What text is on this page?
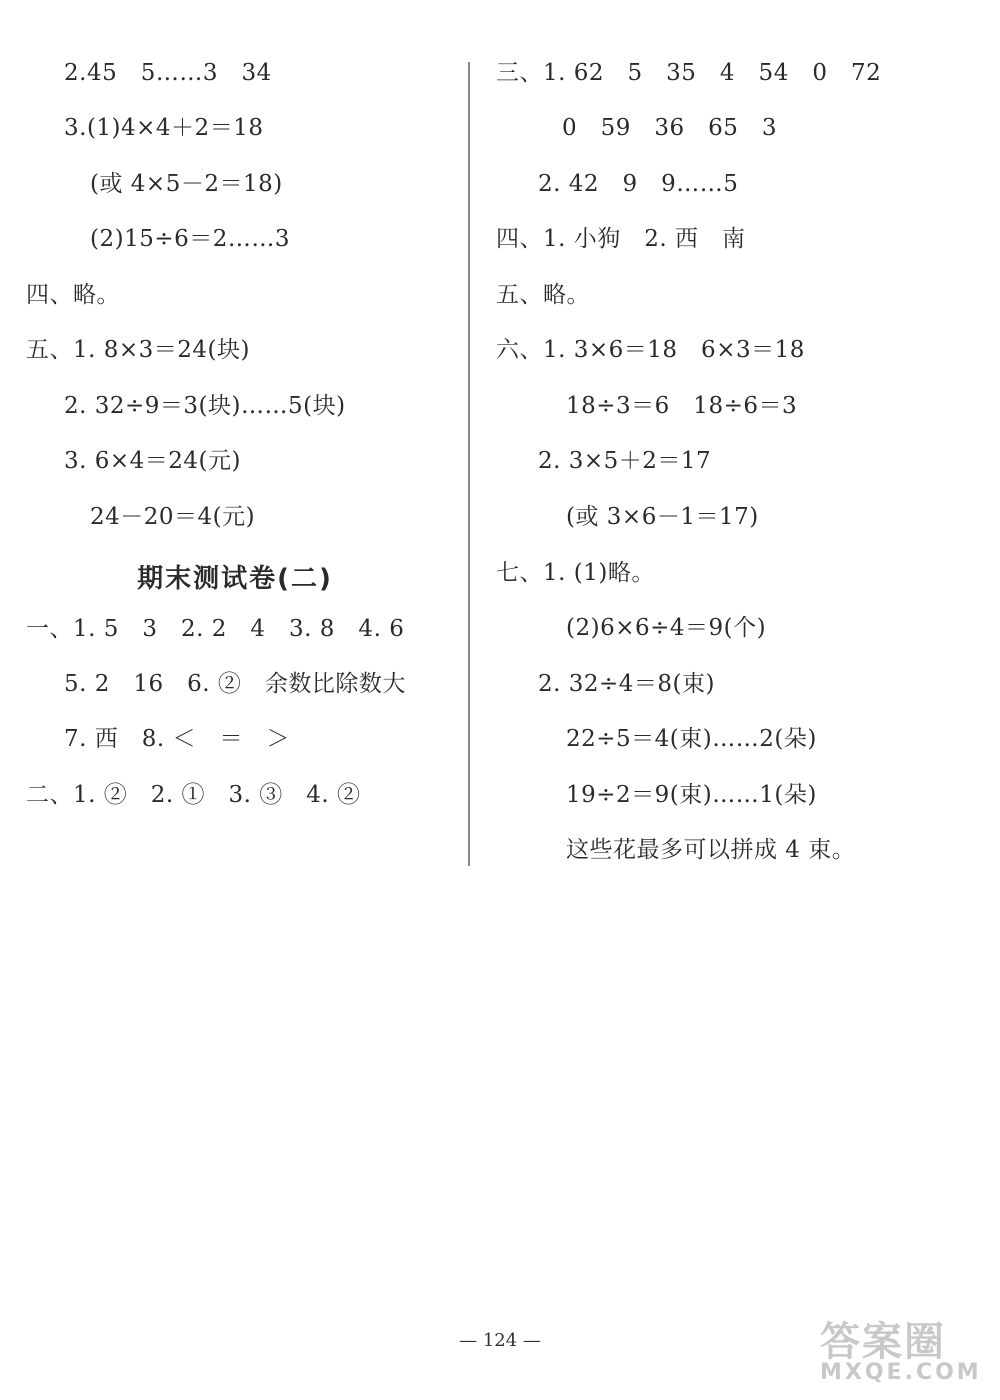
2.45　5……3　34
3.(1)4×4＋2＝18
(或 4×5－2＝18)
(2)15÷6＝2……3
四、略。
五、1. 8×3＝24(块)
2. 32÷9＝3(块)……5(块)
3. 6×4＝24(元)
24－20＝4(元)
期末测试卷(二)
一、1. 5　3　2. 2　4　3. 8　4. 6
5. 2　16　6. ②　余数比除数大
7. 西　8. ＜　＝　＞
二、1. ②　2. ①　3. ③　4. ②
三、1. 62　5　35　4　54　0　72
0　59　36　65　3
2. 42　9　9……5
四、1. 小狗　2. 西　南
五、略。
六、1. 3×6＝18　6×3＝18
18÷3＝6　18÷6＝3
2. 3×5＋2＝17
(或 3×6－1＝17)
七、1. (1)略。
(2)6×6÷4＝9(个)
2. 32÷4＝8(束)
22÷5＝4(束)……2(朵)
19÷2＝9(束)……1(朵)
这些花最多可以拼成 4 束。
— 124 —	答案圈
MXQE.COM
